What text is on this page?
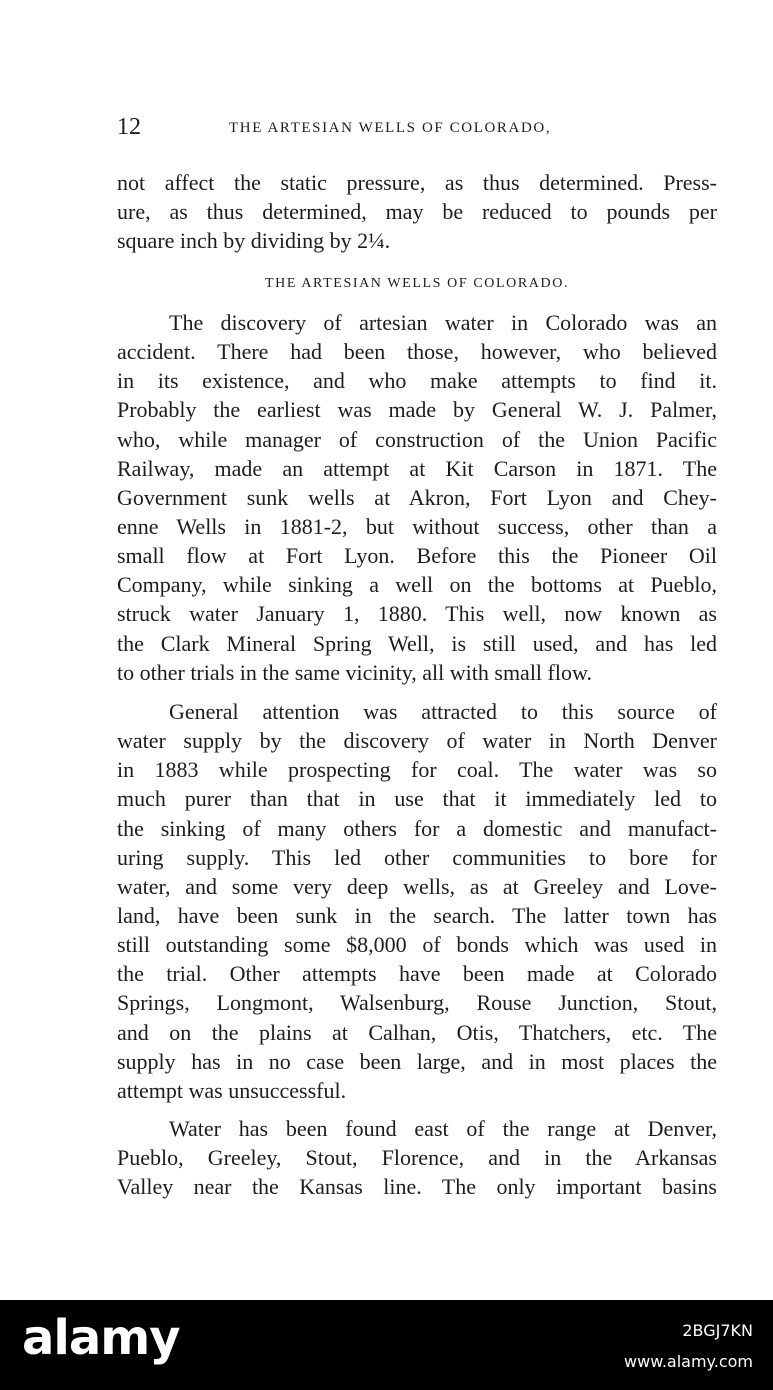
12	THE ARTESIAN WELLS OF COLORADO,
not affect the static pressure, as thus determined. Press-
ure, as thus determined, may be reduced to pounds per
square inch by dividing by 2¼.
THE ARTESIAN WELLS OF COLORADO.
The discovery of artesian water in Colorado was an
accident. There had been those, however, who believed
in its existence, and who make attempts to find it.
Probably the earliest was made by General W. J. Palmer,
who, while manager of construction of the Union Pacific
Railway, made an attempt at Kit Carson in 1871. The
Government sunk wells at Akron, Fort Lyon and Chey-
enne Wells in 1881-2, but without success, other than a
small flow at Fort Lyon. Before this the Pioneer Oil
Company, while sinking a well on the bottoms at Pueblo,
struck water January 1, 1880. This well, now known as
the Clark Mineral Spring Well, is still used, and has led
to other trials in the same vicinity, all with small flow.
General attention was attracted to this source of
water supply by the discovery of water in North Denver
in 1883 while prospecting for coal. The water was so
much purer than that in use that it immediately led to
the sinking of many others for a domestic and manufact-
uring supply. This led other communities to bore for
water, and some very deep wells, as at Greeley and Love-
land, have been sunk in the search. The latter town has
still outstanding some $8,000 of bonds which was used in
the trial. Other attempts have been made at Colorado
Springs, Longmont, Walsenburg, Rouse Junction, Stout,
and on the plains at Calhan, Otis, Thatchers, etc. The
supply has in no case been large, and in most places the
attempt was unsuccessful.
Water has been found east of the range at Denver,
Pueblo, Greeley, Stout, Florence, and in the Arkansas
Valley near the Kansas line. The only important basins
alamy	2BGJ7KN
www.alamy.com
